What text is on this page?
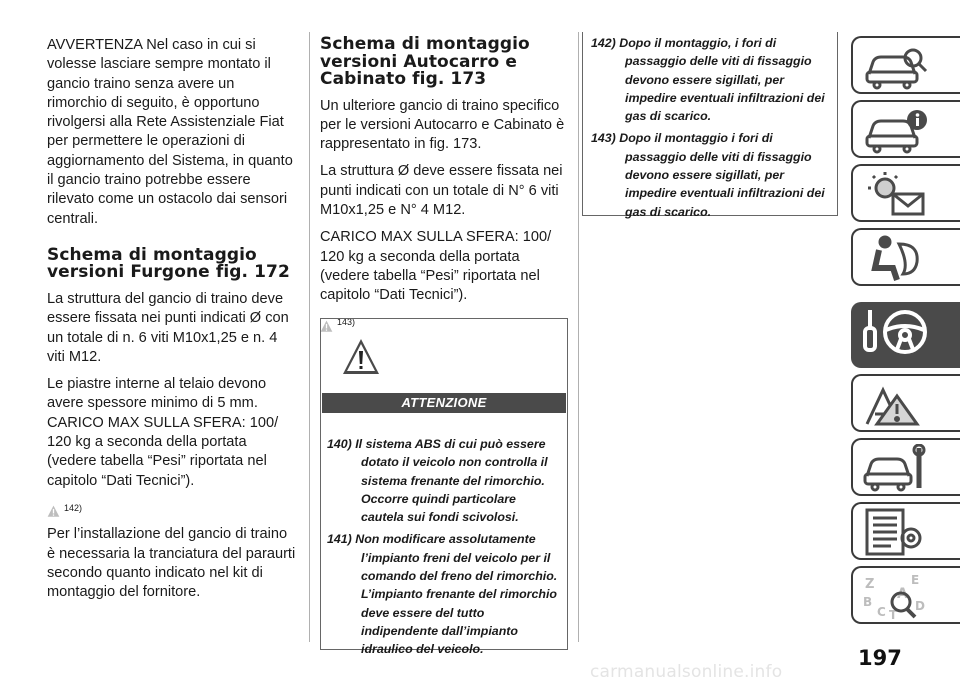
AVVERTENZA Nel caso in cui si volesse lasciare sempre montato il gancio traino senza avere un rimorchio di seguito, è opportuno rivolgersi alla Rete Assistenziale Fiat per permettere le operazioni di aggiornamento del Sistema, in quanto il gancio traino potrebbe essere rilevato come un ostacolo dai sensori centrali.

Schema di montaggio versioni Furgone fig. 172

La struttura del gancio di traino deve essere fissata nei punti indicati Ø con un totale di n. 6 viti M10x1,25 e n. 4 viti M12.

Le piastre interne al telaio devono avere spessore minimo di 5 mm. CARICO MAX SULLA SFERA: 100/ 120 kg a seconda della portata (vedere tabella “Pesi” riportata nel capitolo “Dati Tecnici”).

142)

Per l’installazione del gancio di traino è necessaria la tranciatura del paraurti secondo quanto indicato nel kit di montaggio del fornitore.

Schema di montaggio versioni Autocarro e Cabinato fig. 173

Un ulteriore gancio di traino specifico per le versioni Autocarro e Cabinato è rappresentato in fig. 173.

La struttura Ø deve essere fissata nei punti indicati con un totale di N° 6 viti M10x1,25 e N° 4 M12.

CARICO MAX SULLA SFERA: 100/ 120 kg a seconda della portata (vedere tabella “Pesi” riportata nel capitolo “Dati Tecnici”).

143)
ATTENZIONE
140) Il sistema ABS di cui può essere dotato il veicolo non controlla il sistema frenante del rimorchio. Occorre quindi particolare cautela sui fondi scivolosi.
141) Non modificare assolutamente l’impianto freni del veicolo per il comando del freno del rimorchio. L’impianto frenante del rimorchio deve essere del tutto indipendente dall’impianto idraulico del veicolo.
142) Dopo il montaggio, i fori di passaggio delle viti di fissaggio devono essere sigillati, per impedire eventuali infiltrazioni dei gas di scarico.
143) Dopo il montaggio i fori di passaggio delle viti di fissaggio devono essere sigillati, per impedire eventuali infiltrazioni dei gas di scarico.
Z	E
A
B
C T
D
197
carmanualsonline.info
